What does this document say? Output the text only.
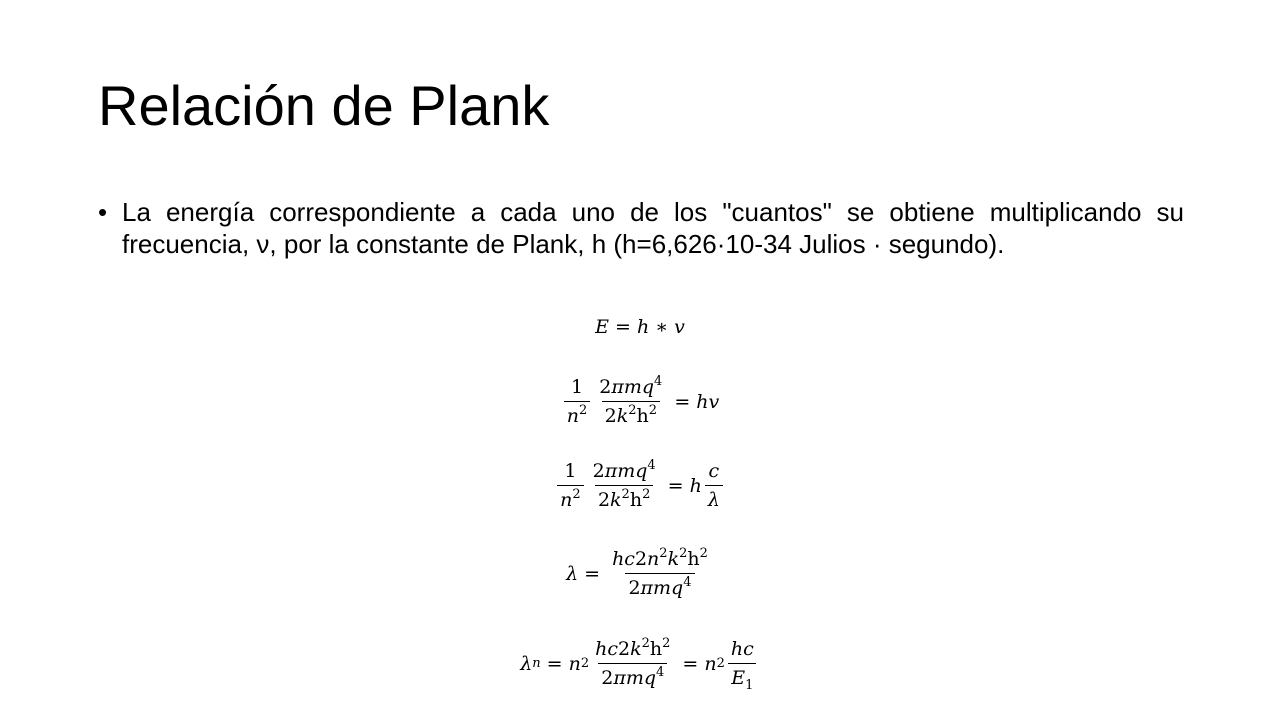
Relación de Plank
• La energía correspondiente a cada uno de los "cuantos" se obtiene multiplicando su frecuencia, ν, por la constante de Plank, h (h=6,626·10-34 Julios · segundo).
E = h ∗ v
$\frac{1}{n^2} \frac{2\pi mq^4}{2k^2h^2}$ = hv
$\frac{1}{n^2} \frac{2\pi mq^4}{2k^2h^2} = h \frac{c}{\lambda}$
$\lambda = \frac{hc2n^2k^2h^2}{2\pi mq^4}$
λ n = n $2 \frac{hc2k^2h^2}{2\pi mq^4} = n$ $2 \frac{hc}{E_1}$
